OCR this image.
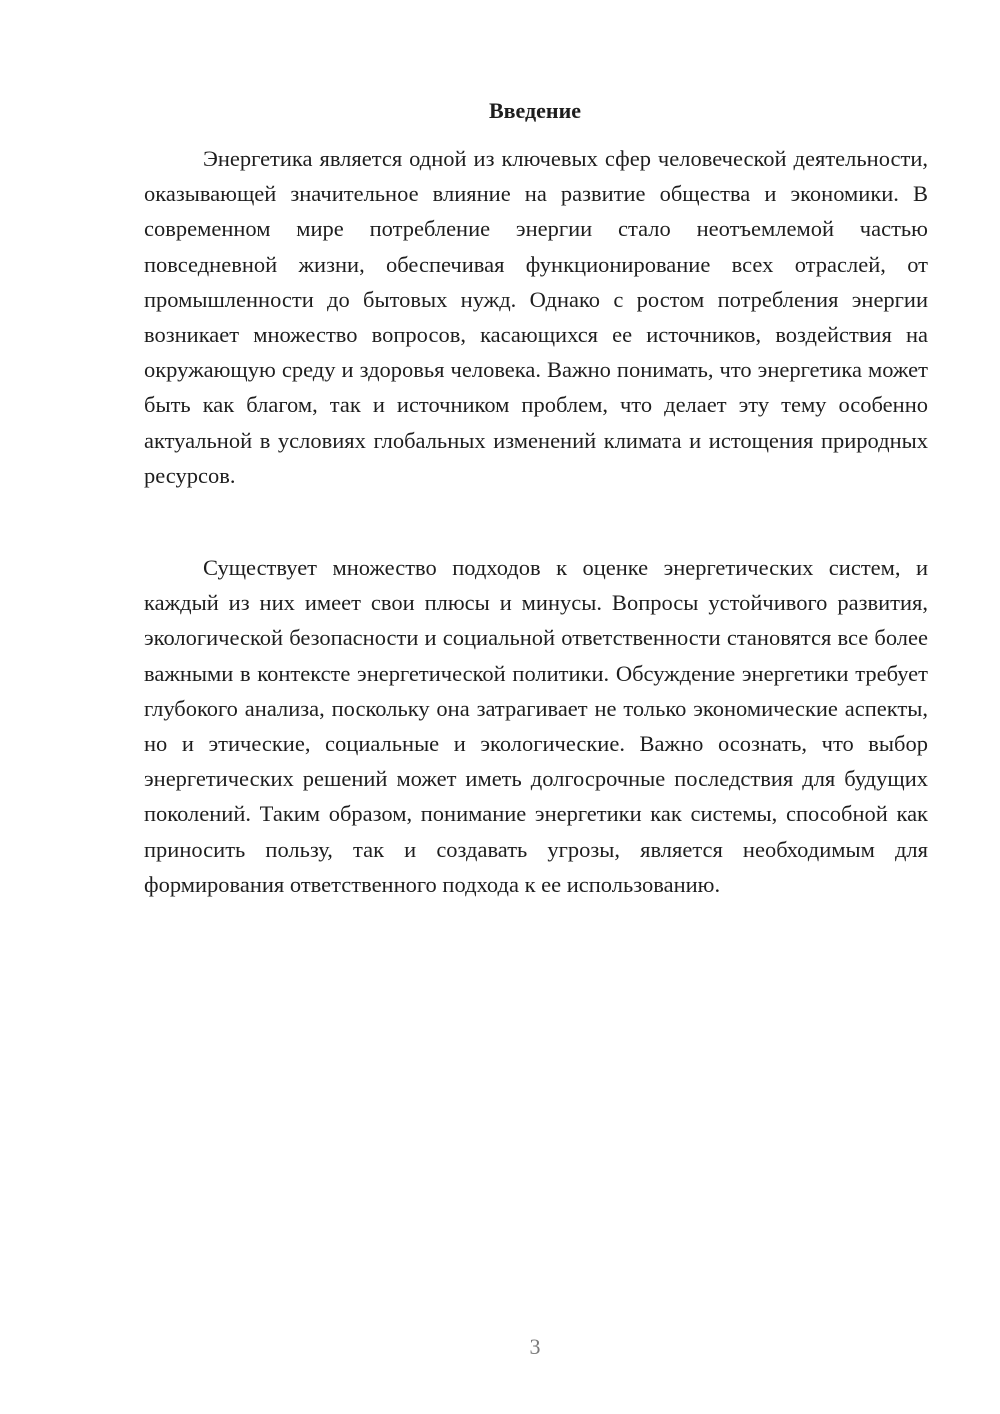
Введение

Энергетика является одной из ключевых сфер человеческой деятельности, оказывающей значительное влияние на развитие общества и экономики. В современном мире потребление энергии стало неотъемлемой частью повседневной жизни, обеспечивая функционирование всех отраслей, от промышленности до бытовых нужд. Однако с ростом потребления энергии возникает множество вопросов, касающихся ее источников, воздействия на окружающую среду и здоровья человека. Важно понимать, что энергетика может быть как благом, так и источником проблем, что делает эту тему особенно актуальной в условиях глобальных изменений климата и истощения природных ресурсов.

Существует множество подходов к оценке энергетических систем, и каждый из них имеет свои плюсы и минусы. Вопросы устойчивого развития, экологической безопасности и социальной ответственности становятся все более важными в контексте энергетической политики. Обсуждение энергетики требует глубокого анализа, поскольку она затрагивает не только экономические аспекты, но и этические, социальные и экологические. Важно осознать, что выбор энергетических решений может иметь долгосрочные последствия для будущих поколений. Таким образом, понимание энергетики как системы, способной как приносить пользу, так и создавать угрозы, является необходимым для формирования ответственного подхода к ее использованию.

3
